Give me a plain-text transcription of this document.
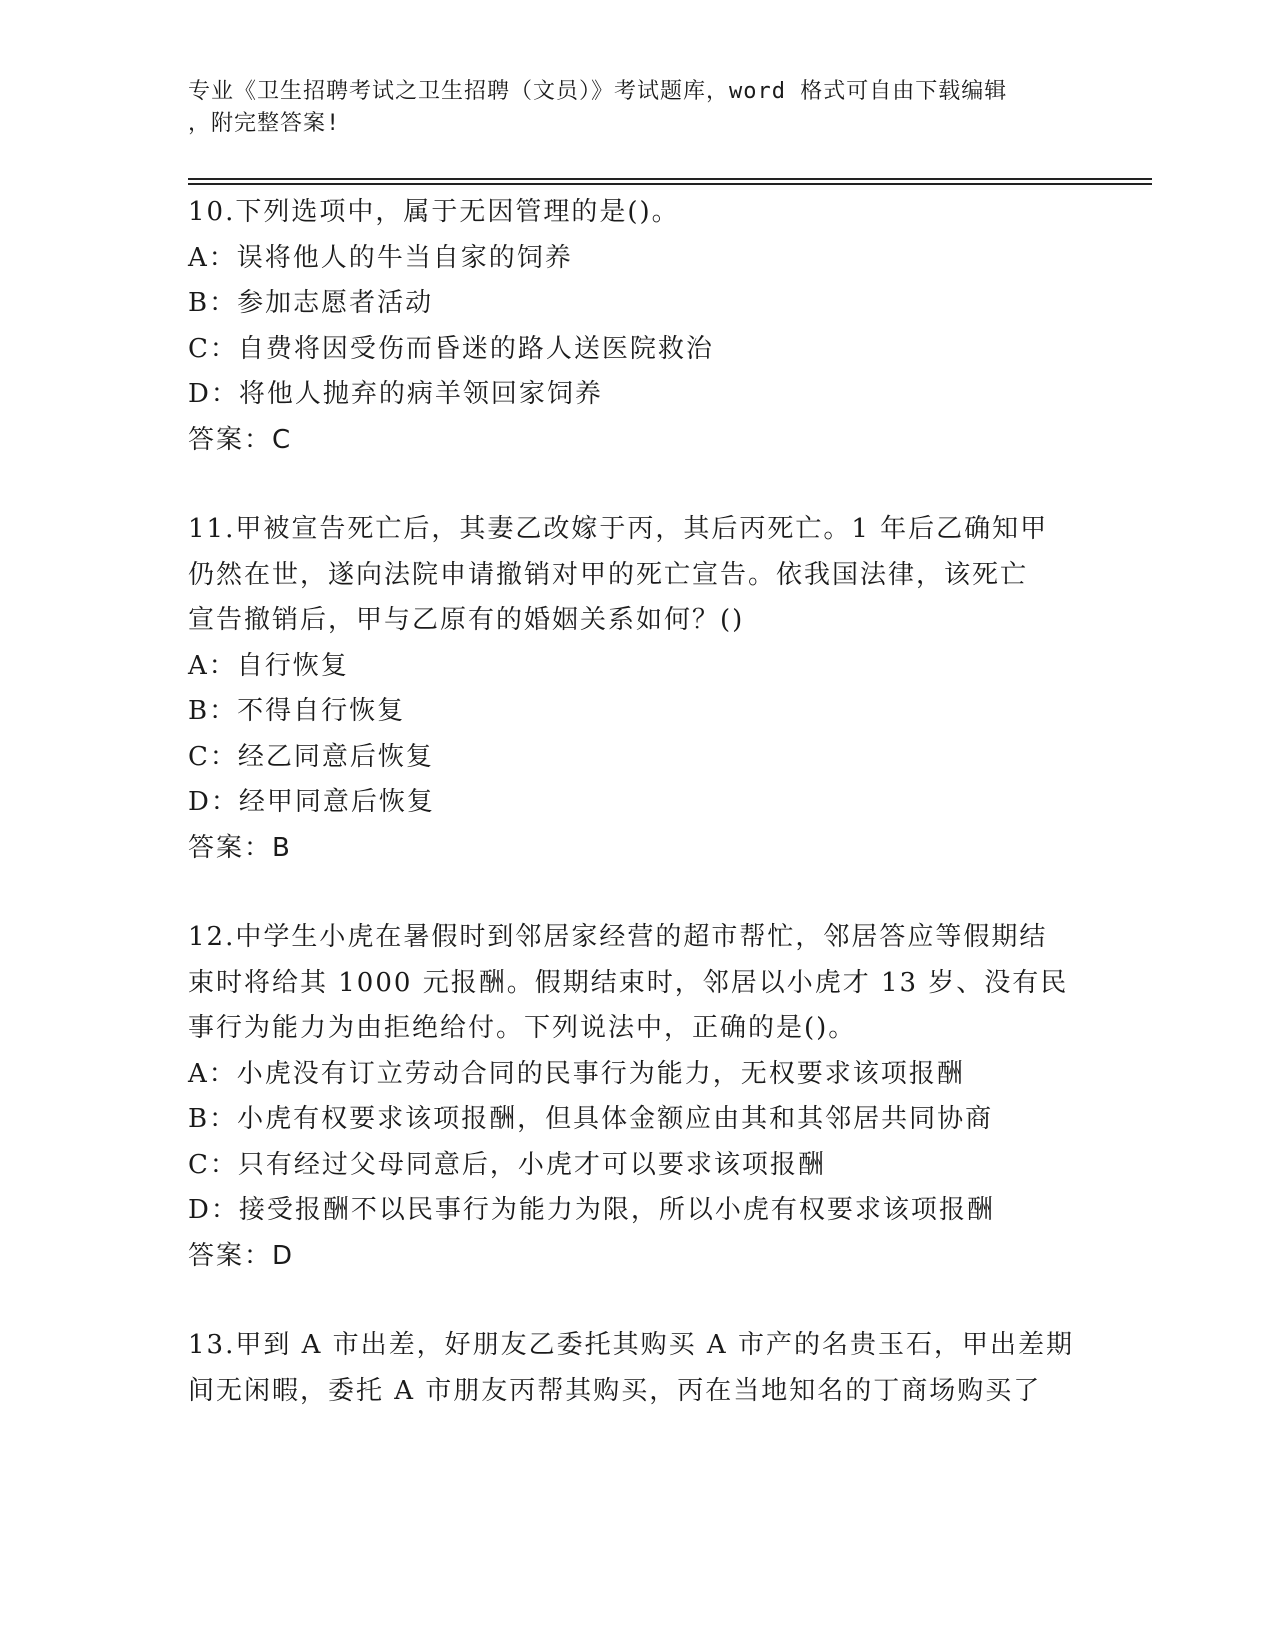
专业《卫生招聘考试之卫生招聘（文员）》考试题库，word 格式可自由下载编辑
，附完整答案!
10.下列选项中，属于无因管理的是()。
A：误将他人的牛当自家的饲养
B：参加志愿者活动
C：自费将因受伤而昏迷的路人送医院救治
D：将他人抛弃的病羊领回家饲养
答案：C
11.甲被宣告死亡后，其妻乙改嫁于丙，其后丙死亡。1 年后乙确知甲
仍然在世，遂向法院申请撤销对甲的死亡宣告。依我国法律，该死亡
宣告撤销后，甲与乙原有的婚姻关系如何？()
A：自行恢复
B：不得自行恢复
C：经乙同意后恢复
D：经甲同意后恢复
答案：B
12.中学生小虎在暑假时到邻居家经营的超市帮忙，邻居答应等假期结
束时将给其 1000 元报酬。假期结束时，邻居以小虎才 13 岁、没有民
事行为能力为由拒绝给付。下列说法中，正确的是()。
A：小虎没有订立劳动合同的民事行为能力，无权要求该项报酬
B：小虎有权要求该项报酬，但具体金额应由其和其邻居共同协商
C：只有经过父母同意后，小虎才可以要求该项报酬
D：接受报酬不以民事行为能力为限，所以小虎有权要求该项报酬
答案：D
13.甲到 A 市出差，好朋友乙委托其购买 A 市产的名贵玉石，甲出差期
间无闲暇，委托 A 市朋友丙帮其购买，丙在当地知名的丁商场购买了
